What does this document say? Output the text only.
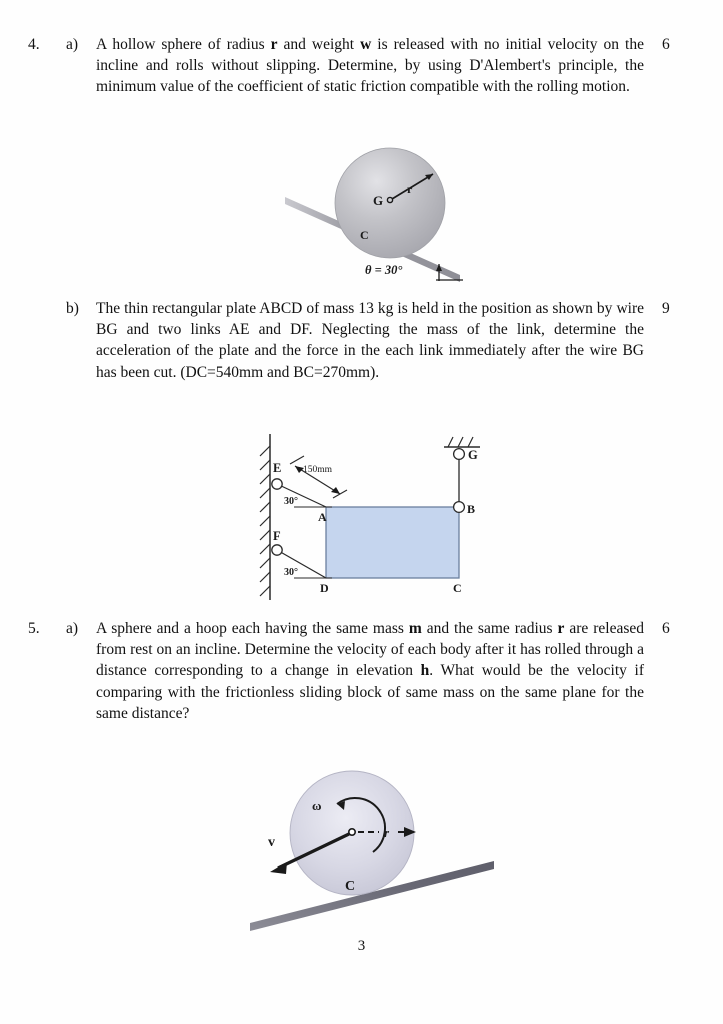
4.	a)	A hollow sphere of radius r and weight w is released with no initial velocity on the incline and rolls without slipping. Determine, by using D'Alembert's principle, the minimum value of the coefficient of static friction compatible with the rolling motion.
6
G
r
C
θ = 30°
b)	The thin rectangular plate ABCD of mass 13 kg is held in the position as shown by wire BG and two links AE and DF. Neglecting the mass of the link, determine the acceleration of the plate and the force in the each link immediately after the wire BG has been cut. (DC=540mm and BC=270mm).
9
150mm
E
F
A
B
C
D
G
30°
30°
5.	a)	A sphere and a hoop each having the same mass m and the same radius r are released from rest on an incline. Determine the velocity of each body after it has rolled through a distance corresponding to a change in elevation h. What would be the velocity if comparing with the frictionless sliding block of same mass on the same plane for the same distance?
6
ω
v
r
C
3
